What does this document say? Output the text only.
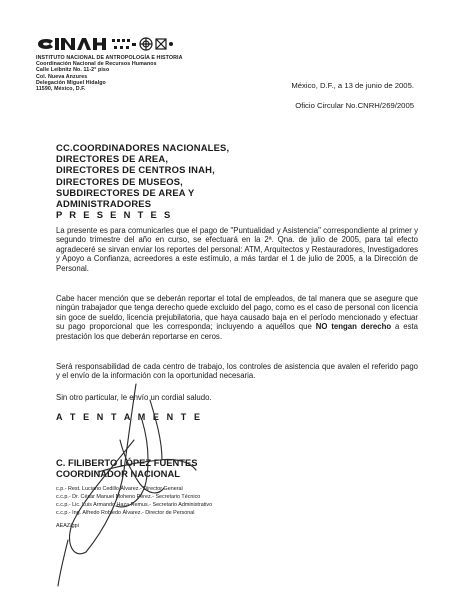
INSTITUTO NACIONAL DE ANTROPOLOGÍA E HISTORIA
Coordinación Nacional de Recursos Humanos
Calle Leibnitz No. 11-2° piso
Col. Nueva Anzures
Delegación Miguel Hidalgo
11590, México, D.F.	México, D.F., a 13 de junio de 2005.
Oficio Circular No.CNRH/269/2005
CC.COORDINADORES NACIONALES,
DIRECTORES DE AREA,
DIRECTORES DE CENTROS INAH,
DIRECTORES DE MUSEOS,
SUBDIRECTORES DE AREA Y
ADMINISTRADORES
P R E S E N T E S
La presente es para comunicarles que el pago de "Puntualidad y Asistencia" correspondiente al primer y segundo trimestre del año en curso, se efectuará en la 2ª. Qna. de julio de 2005, para tal efecto agradeceré se sirvan enviar los reportes del personal: ATM, Arquitectos y Restauradores, Investigadores y Apoyo a Confianza, acreedores a este estímulo, a más tardar el 1 de julio de 2005, a la Dirección de Personal.
Cabe hacer mención que se deberán reportar el total de empleados, de tal manera que se asegure que ningún trabajador que tenga derecho quede excluido del pago, como es el caso de personal con licencia sin goce de sueldo, licencia prejubilatoria, que haya causado baja en el período mencionado y efectuar su pago proporcional que les corresponda; incluyendo a aquéllos que NO tengan derecho a esta prestación los que deberán reportarse en ceros.
Será responsabilidad de cada centro de trabajo, los controles de asistencia que avalen el referido pago y el envío de la información con la oportunidad necesaria.
Sin otro particular, le envío un cordial saludo.
A T E N T A M E N T E
C. FILIBERTO LÓPEZ FUENTES
COORDINADOR NACIONAL
c.p.- Rest. Luciano Cedillo Álvarez.- Director General
c.c.p.- Dr. César Manuel Moheno Pérez.- Secretario Técnico
c.c.p.- Lic. Luis Armando Haza Remus.- Secretario Administrativo
c.c.p.- Ing. Alfredo Robledo Álvarez.- Director de Personal
AEAZ/gpi
